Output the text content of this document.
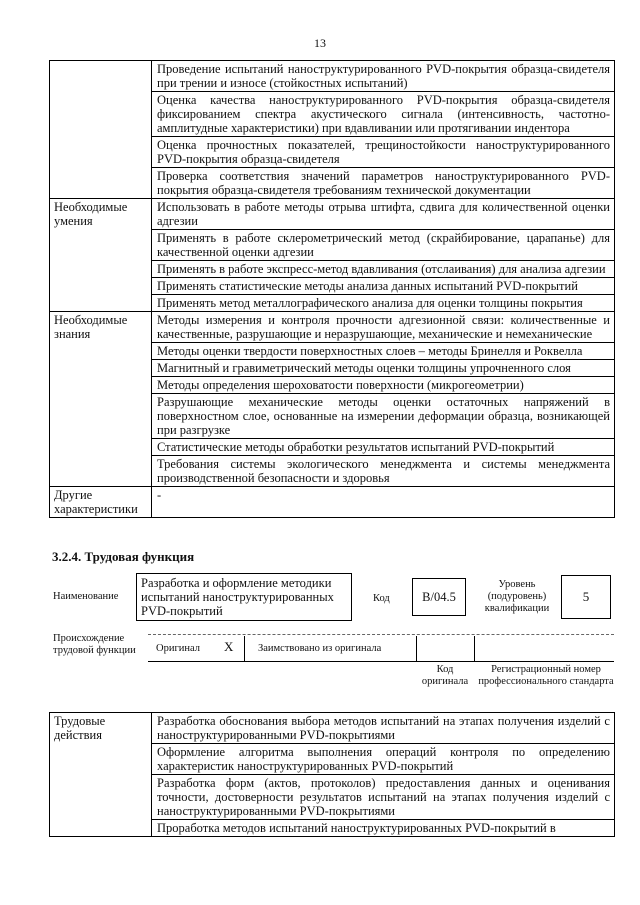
13
	Проведение испытаний наноструктурированного PVD-покрытия образца-свидетеля при трении и износе (стойкостных испытаний)
	Оценка качества наноструктурированного PVD-покрытия образца-свидетеля фиксированием спектра акустического сигнала (интенсивность, частотно-амплитудные характеристики) при вдавливании или протягивании индентора
	Оценка прочностных показателей, трещиностойкости наноструктурированного PVD-покрытия образца-свидетеля
	Проверка соответствия значений параметров наноструктурированного PVD-покрытия образца-свидетеля требованиям технической документации
Необходимые умения	Использовать в работе методы отрыва штифта, сдвига для количественной оценки адгезии
	Применять в работе склерометрический метод (скрайбирование, царапанье) для качественной оценки адгезии
	Применять в работе экспресс-метод вдавливания (отслаивания) для анализа адгезии
	Применять статистические методы анализа данных испытаний PVD-покрытий
	Применять метод металлографического анализа для оценки толщины покрытия
Необходимые знания	Методы измерения и контроля прочности адгезионной связи: количественные и качественные, разрушающие и неразрушающие, механические и немеханические
	Методы оценки твердости поверхностных слоев – методы Бринелля и Роквелла
	Магнитный и гравиметрический методы оценки толщины упрочненного слоя
	Методы определения шероховатости поверхности (микрогеометрии)
	Разрушающие механические методы оценки остаточных напряжений в поверхностном слое, основанные на измерении деформации образца, возникающей при разгрузке
	Статистические методы обработки результатов испытаний PVD-покрытий
	Требования системы экологического менеджмента и системы менеджмента производственной безопасности и здоровья
Другие характеристики	-
3.2.4. Трудовая функция
Наименование
Разработка и оформление методики испытаний наноструктурированных PVD-покрытий
Код	B/04.5
Уровень (подуровень) квалификации
5
Происхождение трудовой функции	Оригинал X Заимствовано из оригинала
Код оригинала
Регистрационный номер профессионального стандарта
Трудовые действия	Разработка обоснования выбора методов испытаний на этапах получения изделий с наноструктурированными PVD-покрытиями
Оформление алгоритма выполнения операций контроля по определению характеристик наноструктурированных PVD-покрытий
Разработка форм (актов, протоколов) предоставления данных и оценивания точности, достоверности результатов испытаний на этапах получения изделий с наноструктурированными PVD-покрытиями
Проработка методов испытаний наноструктурированных PVD-покрытий в
